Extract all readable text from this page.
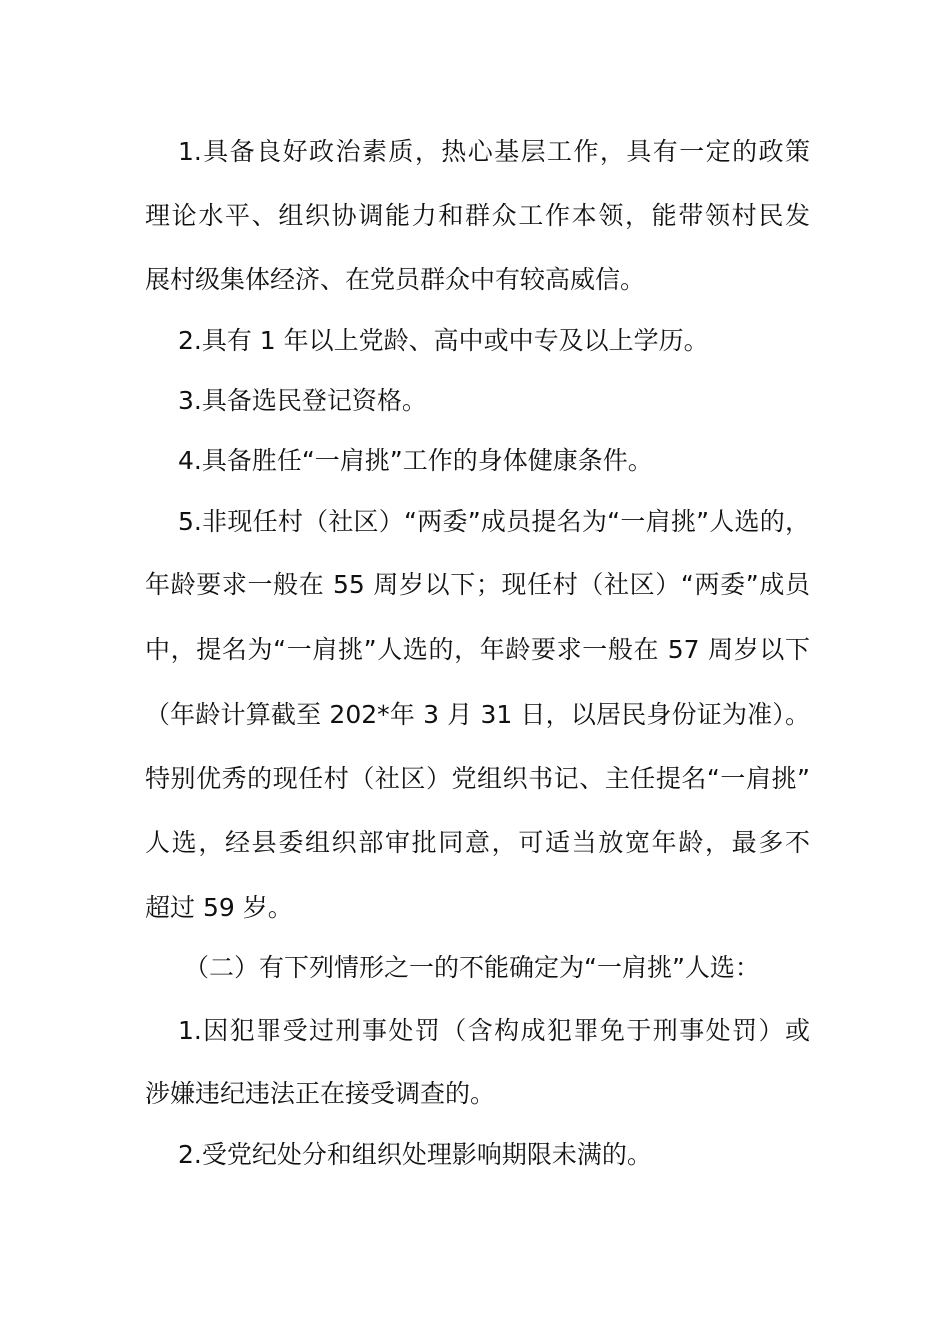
1.具备良好政治素质，热心基层工作，具有一定的政策
理论水平、组织协调能力和群众工作本领，能带领村民发
展村级集体经济、在党员群众中有较高威信。
2.具有 1 年以上党龄、高中或中专及以上学历。
3.具备选民登记资格。
4.具备胜任“一肩挑”工作的身体健康条件。
5.非现任村（社区）“两委”成员提名为“一肩挑”人选的，
年龄要求一般在 55 周岁以下；现任村（社区）“两委”成员
中，提名为“一肩挑”人选的，年龄要求一般在 57 周岁以下
（年龄计算截至 202*年 3 月 31 日，以居民身份证为准）。
特别优秀的现任村（社区）党组织书记、主任提名“一肩挑”
人选，经县委组织部审批同意，可适当放宽年龄，最多不
超过 59 岁。
（二）有下列情形之一的不能确定为“一肩挑”人选：
1.因犯罪受过刑事处罚（含构成犯罪免于刑事处罚）或
涉嫌违纪违法正在接受调查的。
2.受党纪处分和组织处理影响期限未满的。
